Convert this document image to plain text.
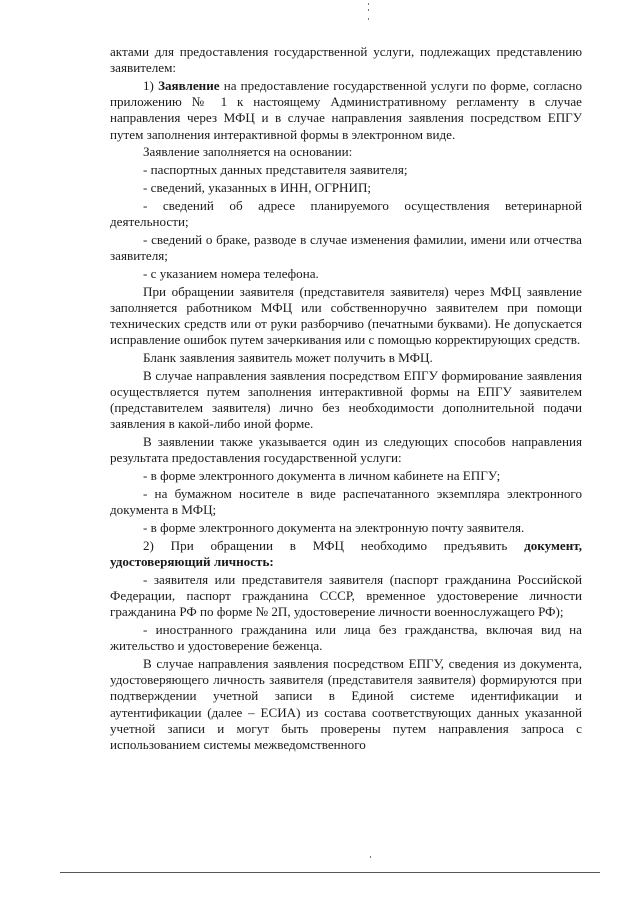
актами для предоставления государственной услуги, подлежащих представлению заявителем:

1) Заявление на предоставление государственной услуги по форме, согласно приложению № 1 к настоящему Административному регламенту в случае направления через МФЦ и в случае направления заявления посредством ЕПГУ путем заполнения интерактивной формы в электронном виде.

Заявление заполняется на основании:

- паспортных данных представителя заявителя;

- сведений, указанных в ИНН, ОГРНИП;

- сведений об адресе планируемого осуществления ветеринарной деятельности;

- сведений о браке, разводе в случае изменения фамилии, имени или отчества заявителя;

- с указанием номера телефона.

При обращении заявителя (представителя заявителя) через МФЦ заявление заполняется работником МФЦ или собственноручно заявителем при помощи технических средств или от руки разборчиво (печатными буквами). Не допускается исправление ошибок путем зачеркивания или с помощью корректирующих средств.

Бланк заявления заявитель может получить в МФЦ.

В случае направления заявления посредством ЕПГУ формирование заявления осуществляется путем заполнения интерактивной формы на ЕПГУ заявителем (представителем заявителя) лично без необходимости дополнительной подачи заявления в какой-либо иной форме.

В заявлении также указывается один из следующих способов направления результата предоставления государственной услуги:

- в форме электронного документа в личном кабинете на ЕПГУ;

- на бумажном носителе в виде распечатанного экземпляра электронного документа в МФЦ;

- в форме электронного документа на электронную почту заявителя.

2) При обращении в МФЦ необходимо предъявить документ, удостоверяющий личность:

- заявителя или представителя заявителя (паспорт гражданина Российской Федерации, паспорт гражданина СССР, временное удостоверение личности гражданина РФ по форме № 2П, удостоверение личности военнослужащего РФ);

- иностранного гражданина или лица без гражданства, включая вид на жительство и удостоверение беженца.

В случае направления заявления посредством ЕПГУ, сведения из документа, удостоверяющего личность заявителя (представителя заявителя) формируются при подтверждении учетной записи в Единой системе идентификации и аутентификации (далее – ЕСИА) из состава соответствующих данных указанной учетной записи и могут быть проверены путем направления запроса с использованием системы межведомственного
